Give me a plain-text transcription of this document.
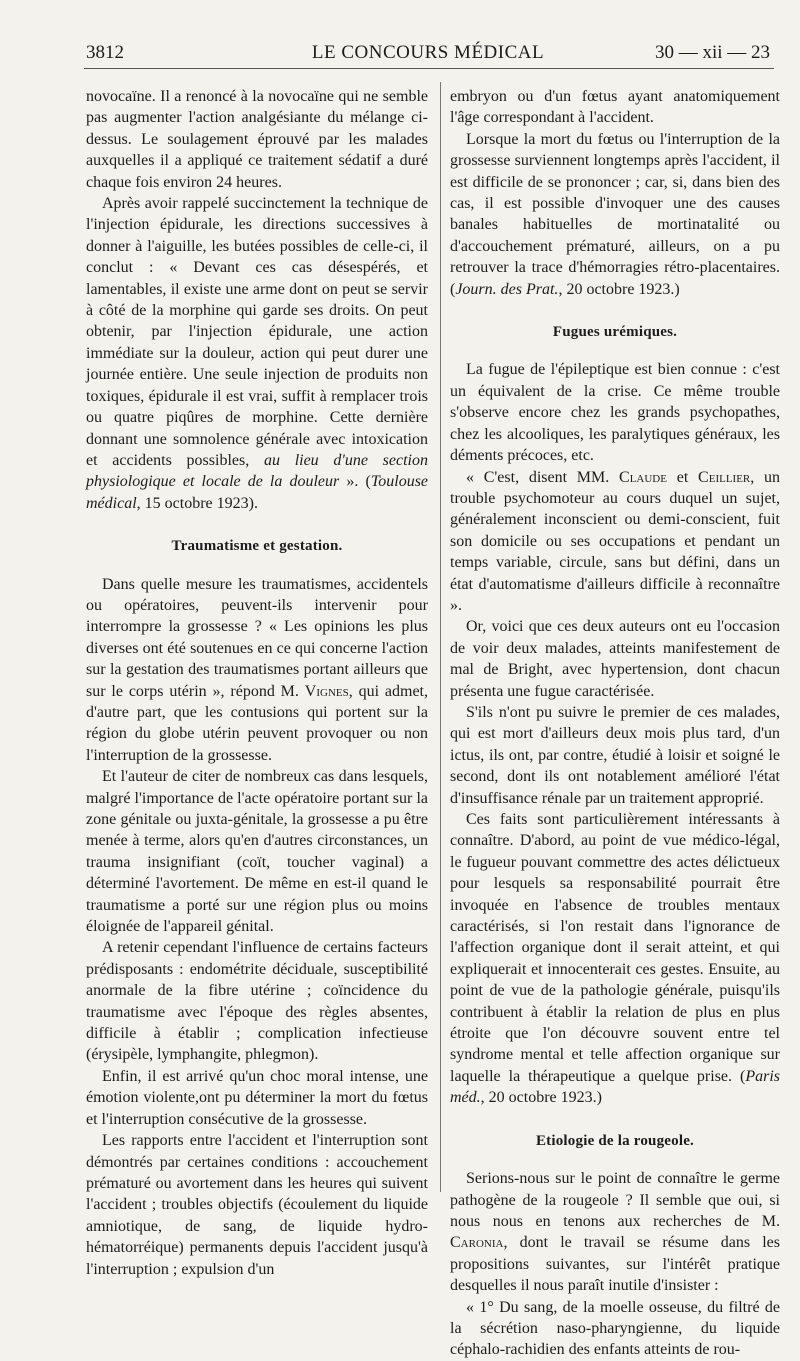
3812	LE CONCOURS MÉDICAL	30 — xii — 23

novocaïne. Il a renoncé à la novocaïne qui ne semble pas augmenter l'action analgésiante du mélange ci-dessus. Le soulagement éprouvé par les malades auxquelles il a appliqué ce traitement sédatif a duré chaque fois environ 24 heures.

Après avoir rappelé succinctement la technique de l'injection épidurale, les directions successives à donner à l'aiguille, les butées possibles de celle-ci, il conclut : « Devant ces cas désespérés, et lamentables, il existe une arme dont on peut se servir à côté de la morphine qui garde ses droits. On peut obtenir, par l'injection épidurale, une action immédiate sur la douleur, action qui peut durer une journée entière. Une seule injection de produits non toxiques, épidurale il est vrai, suffit à remplacer trois ou quatre piqûres de morphine. Cette dernière donnant une somnolence générale avec intoxication et accidents possibles, au lieu d'une section physiologique et locale de la douleur ». (Toulouse médical, 15 octobre 1923).

Traumatisme et gestation.

Dans quelle mesure les traumatismes, accidentels ou opératoires, peuvent-ils intervenir pour interrompre la grossesse ? « Les opinions les plus diverses ont été soutenues en ce qui concerne l'action sur la gestation des traumatismes portant ailleurs que sur le corps utérin », répond M. Vignes, qui admet, d'autre part, que les contusions qui portent sur la région du globe utérin peuvent provoquer ou non l'interruption de la grossesse.

Et l'auteur de citer de nombreux cas dans lesquels, malgré l'importance de l'acte opératoire portant sur la zone génitale ou juxta-génitale, la grossesse a pu être menée à terme, alors qu'en d'autres circonstances, un trauma insignifiant (coït, toucher vaginal) a déterminé l'avortement. De même en est-il quand le traumatisme a porté sur une région plus ou moins éloignée de l'appareil génital.

A retenir cependant l'influence de certains facteurs prédisposants : endométrite déciduale, susceptibilité anormale de la fibre utérine ; coïncidence du traumatisme avec l'époque des règles absentes, difficile à établir ; complication infectieuse (érysipèle, lymphangite, phlegmon).

Enfin, il est arrivé qu'un choc moral intense, une émotion violente,ont pu déterminer la mort du fœtus et l'interruption consécutive de la grossesse.

Les rapports entre l'accident et l'interruption sont démontrés par certaines conditions : accouchement prématuré ou avortement dans les heures qui suivent l'accident ; troubles objectifs (écoulement du liquide amniotique, de sang, de liquide hydro-hématorréique) permanents depuis l'accident jusqu'à l'interruption ; expulsion d'un

embryon ou d'un fœtus ayant anatomiquement l'âge correspondant à l'accident.

Lorsque la mort du fœtus ou l'interruption de la grossesse surviennent longtemps après l'accident, il est difficile de se prononcer ; car, si, dans bien des cas, il est possible d'invoquer une des causes banales habituelles de mortinatalité ou d'accouchement prématuré, ailleurs, on a pu retrouver la trace d'hémorragies rétro-placentaires. (Journ. des Prat., 20 octobre 1923.)

Fugues urémiques.

La fugue de l'épileptique est bien connue : c'est un équivalent de la crise. Ce même trouble s'observe encore chez les grands psychopathes, chez les alcooliques, les paralytiques généraux, les déments précoces, etc.

« C'est, disent MM. Claude et Ceillier, un trouble psychomoteur au cours duquel un sujet, généralement inconscient ou demi-conscient, fuit son domicile ou ses occupations et pendant un temps variable, circule, sans but défini, dans un état d'automatisme d'ailleurs difficile à reconnaître ».

Or, voici que ces deux auteurs ont eu l'occasion de voir deux malades, atteints manifestement de mal de Bright, avec hypertension, dont chacun présenta une fugue caractérisée.

S'ils n'ont pu suivre le premier de ces malades, qui est mort d'ailleurs deux mois plus tard, d'un ictus, ils ont, par contre, étudié à loisir et soigné le second, dont ils ont notablement amélioré l'état d'insuffisance rénale par un traitement approprié.

Ces faits sont particulièrement intéressants à connaître. D'abord, au point de vue médico-légal, le fugueur pouvant commettre des actes délictueux pour lesquels sa responsabilité pourrait être invoquée en l'absence de troubles mentaux caractérisés, si l'on restait dans l'ignorance de l'affection organique dont il serait atteint, et qui expliquerait et innocenterait ces gestes. Ensuite, au point de vue de la pathologie générale, puisqu'ils contribuent à établir la relation de plus en plus étroite que l'on découvre souvent entre tel syndrome mental et telle affection organique sur laquelle la thérapeutique a quelque prise. (Paris méd., 20 octobre 1923.)

Etiologie de la rougeole.

Serions-nous sur le point de connaître le germe pathogène de la rougeole ? Il semble que oui, si nous nous en tenons aux recherches de M. Caronia, dont le travail se résume dans les propositions suivantes, sur l'intérêt pratique desquelles il nous paraît inutile d'insister :

« 1° Du sang, de la moelle osseuse, du filtré de la sécrétion naso-pharyngienne, du liquide céphalo-rachidien des enfants atteints de rou-
